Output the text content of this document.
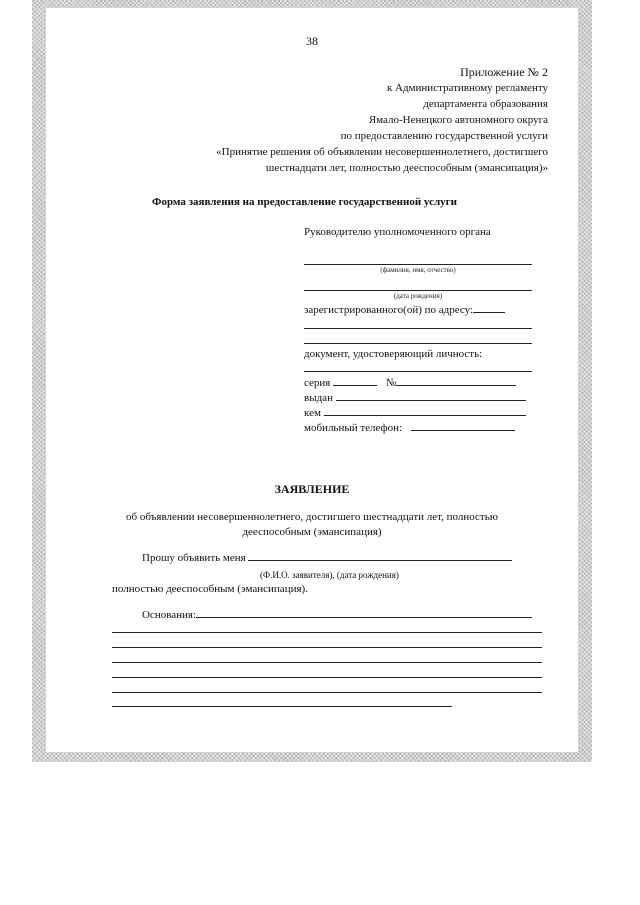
38
Приложение № 2
к Административному регламенту
департамента образования
Ямало-Ненецкого автономного округа
по предоставлению государственной услуги
«Принятие решения об объявлении несовершеннолетнего, достигшего
шестнадцати лет, полностью дееспособным (эмансипация)»
Форма заявления на предоставление государственной услуги
Руководителю уполномоченного органа
(фамилия, имя, отчество)
(дата рождения)
зарегистрированного(ой) по адресу:
документ, удостоверяющий личность:
серия	№
выдан
кем
мобильный телефон:
ЗАЯВЛЕНИЕ
об объявлении несовершеннолетнего, достигшего шестнадцати лет, полностью
дееспособным (эмансипация)
Прошу объявить меня
(Ф.И.О. заявителя), (дата рождения)
полностью дееспособным (эмансипация).
Основания:
